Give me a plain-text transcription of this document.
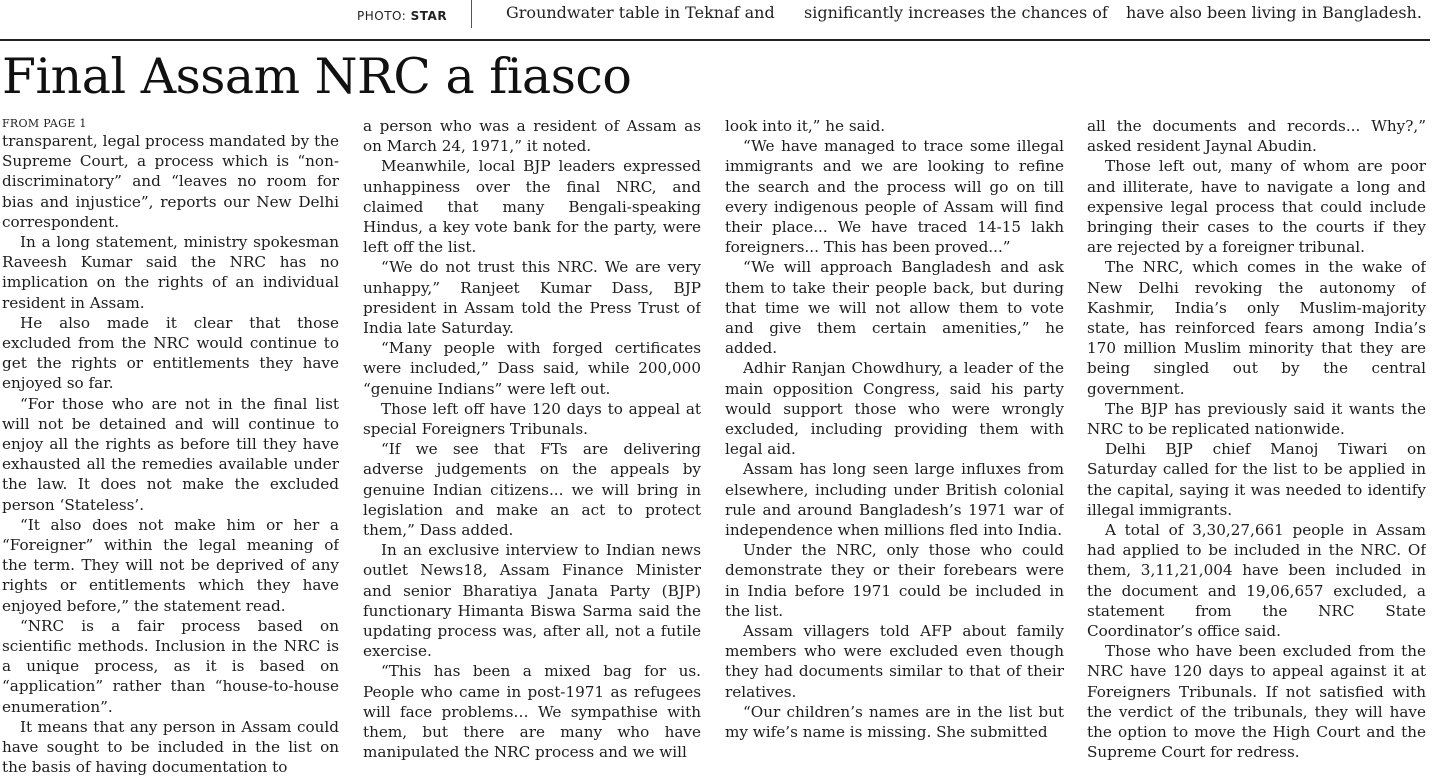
PHOTO: STAR	Groundwater table in Teknaf and significantly increases the chances of have also been living in Bangladesh.
Final Assam NRC a fiasco
FROM PAGE 1

transparent, legal process mandated by the Supreme Court, a process which is “non-discriminatory” and “leaves no room for bias and injustice”, reports our New Delhi correspondent.

In a long statement, ministry spokesman Raveesh Kumar said the NRC has no implication on the rights of an individual resident in Assam.

He also made it clear that those excluded from the NRC would continue to get the rights or entitlements they have enjoyed so far.

“For those who are not in the final list will not be detained and will continue to enjoy all the rights as before till they have exhausted all the remedies available under the law. It does not make the excluded person ‘Stateless’.

“It also does not make him or her a “Foreigner” within the legal meaning of the term. They will not be deprived of any rights or entitlements which they have enjoyed before,” the statement read.

“NRC is a fair process based on scientific methods. Inclusion in the NRC is a unique process, as it is based on “application” rather than “house-to-house enumeration”.

It means that any person in Assam could have sought to be included in the list on the basis of having documentation to

a person who was a resident of Assam as on March 24, 1971,” it noted.

Meanwhile, local BJP leaders expressed unhappiness over the final NRC, and claimed that many Bengali-speaking Hindus, a key vote bank for the party, were left off the list.

“We do not trust this NRC. We are very unhappy,” Ranjeet Kumar Dass, BJP president in Assam told the Press Trust of India late Saturday.

“Many people with forged certificates were included,” Dass said, while 200,000 “genuine Indians” were left out.

Those left off have 120 days to appeal at special Foreigners Tribunals.

“If we see that FTs are delivering adverse judgements on the appeals by genuine Indian citizens... we will bring in legislation and make an act to protect them,” Dass added.

In an exclusive interview to Indian news outlet News18, Assam Finance Minister and senior Bharatiya Janata Party (BJP) functionary Himanta Biswa Sarma said the updating process was, after all, not a futile exercise.

“This has been a mixed bag for us. People who came in post-1971 as refugees will face problems… We sympathise with them, but there are many who have manipulated the NRC process and we will

look into it,” he said.

“We have managed to trace some illegal immigrants and we are looking to refine the search and the process will go on till every indigenous people of Assam will find their place... We have traced 14-15 lakh foreigners... This has been proved...”

“We will approach Bangladesh and ask them to take their people back, but during that time we will not allow them to vote and give them certain amenities,” he added.

Adhir Ranjan Chowdhury, a leader of the main opposition Congress, said his party would support those who were wrongly excluded, including providing them with legal aid.

Assam has long seen large influxes from elsewhere, including under British colonial rule and around Bangladesh’s 1971 war of independence when millions fled into India.

Under the NRC, only those who could demonstrate they or their forebears were in India before 1971 could be included in the list.

Assam villagers told AFP about family members who were excluded even though they had documents similar to that of their relatives.

“Our children’s names are in the list but my wife’s name is missing. She submitted

all the documents and records... Why?,” asked resident Jaynal Abudin.

Those left out, many of whom are poor and illiterate, have to navigate a long and expensive legal process that could include bringing their cases to the courts if they are rejected by a foreigner tribunal.

The NRC, which comes in the wake of New Delhi revoking the autonomy of Kashmir, India’s only Muslim-majority state, has reinforced fears among India’s 170 million Muslim minority that they are being singled out by the central government.

The BJP has previously said it wants the NRC to be replicated nationwide.

Delhi BJP chief Manoj Tiwari on Saturday called for the list to be applied in the capital, saying it was needed to identify illegal immigrants.

A total of 3,30,27,661 people in Assam had applied to be included in the NRC. Of them, 3,11,21,004 have been included in the document and 19,06,657 excluded, a statement from the NRC State Coordinator’s office said.

Those who have been excluded from the NRC have 120 days to appeal against it at Foreigners Tribunals. If not satisfied with the verdict of the tribunals, they will have the option to move the High Court and the Supreme Court for redress.
